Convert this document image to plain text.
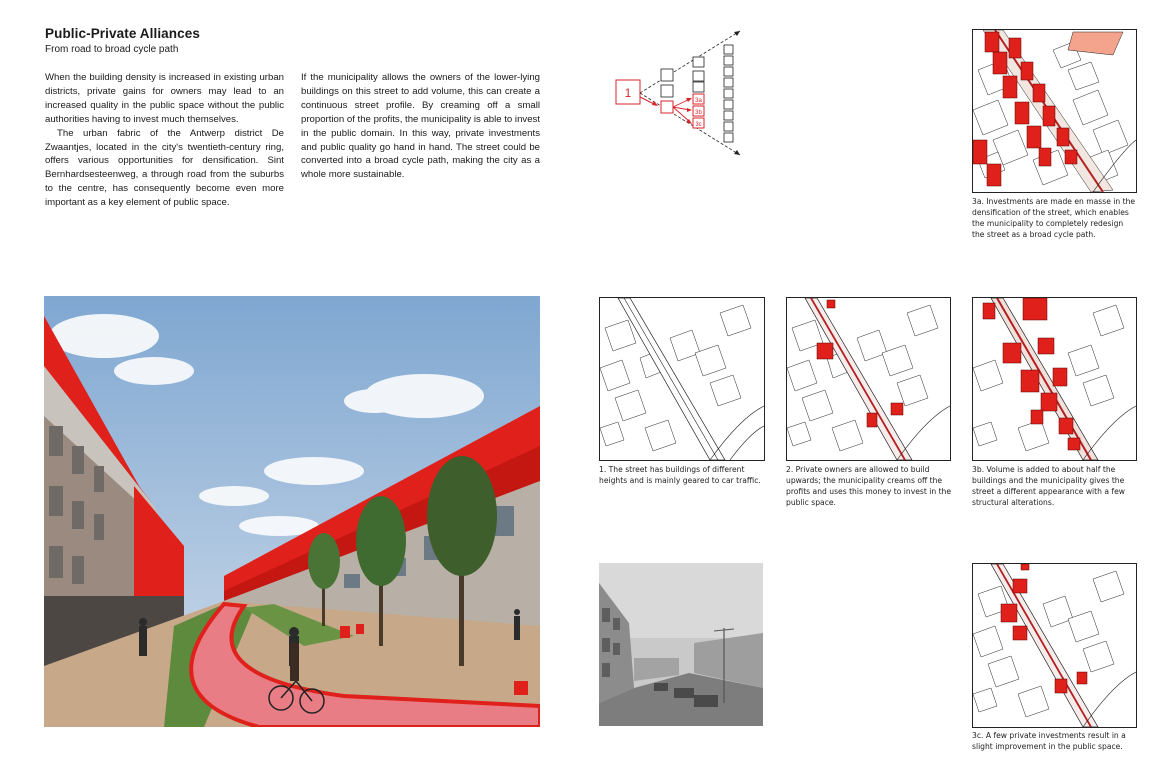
Public-Private Alliances
From road to broad cycle path

When the building density is increased in existing urban districts, private gains for owners may lead to an increased quality in the public space without the public authorities having to invest much themselves.

The urban fabric of the Antwerp district De Zwaantjes, located in the city's twentieth-century ring, offers various opportunities for densification. Sint Bernhardsesteenweg, a through road from the suburbs to the centre, has consequently become even more important as a key element of public space.

If the municipality allows the owners of the lower-lying buildings on this street to add volume, this can create a continuous street profile. By creaming off a small proportion of the profits, the municipality is able to invest in the public domain. In this way, private investments and public quality go hand in hand. The street could be converted into a broad cycle path, making the city as a whole more sustainable.

1
3a
3b
3c
3a. Investments are made en masse in the densification of the street, which enables the municipality to completely redesign the street as a broad cycle path.
1. The street has buildings of different heights and is mainly geared to car traffic.
2. Private owners are allowed to build upwards; the municipality creams off the profits and uses this money to invest in the public space.
3b. Volume is added to about half the buildings and the municipality gives the street a different appearance with a few structural alterations.
3c. A few private investments result in a slight improvement in the public space.
